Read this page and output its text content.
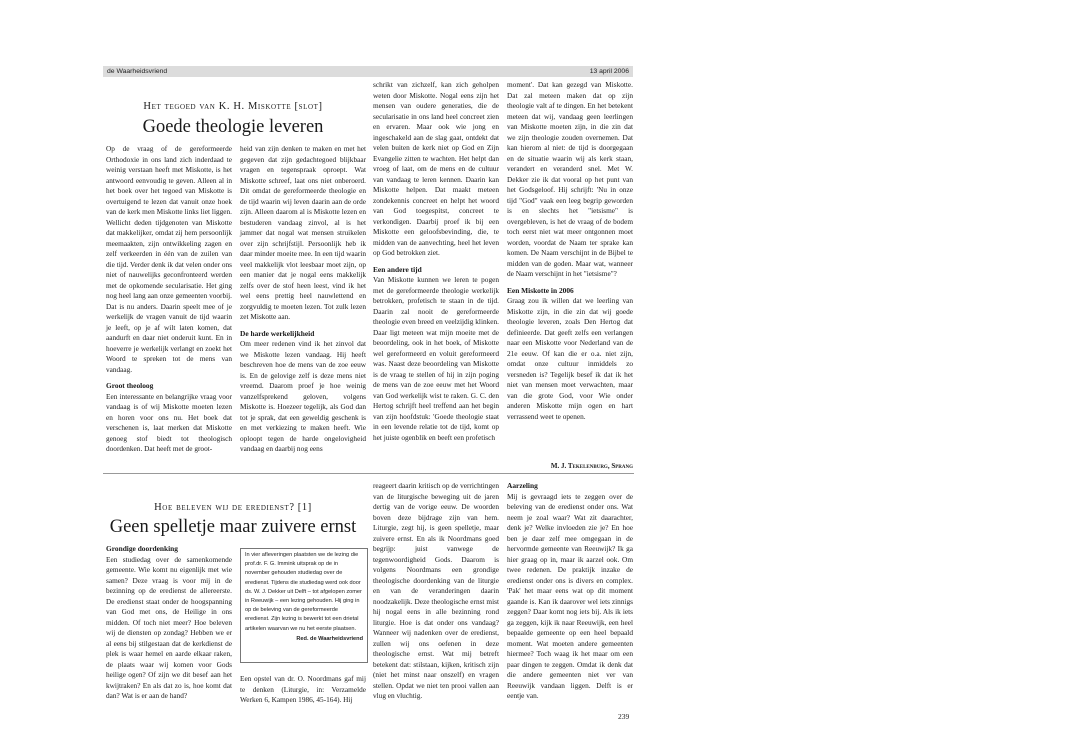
de Waarheidsvriend	13 april 2006
Het tegoed van K. H. Miskotte [slot]
Goede theologie leveren

Op de vraag of de gereformeerde Orthodoxie in ons land zich inderdaad te weinig verstaan heeft met Miskotte, is het antwoord eenvoudig te geven. Alleen al in het boek over het tegoed van Miskotte is overtuigend te lezen dat vanuit onze hoek van de kerk men Miskotte links liet liggen. Wellicht deden tijdgenoten van Miskotte dat makkelijker, omdat zij hem persoonlijk meemaakten, zijn ontwikkeling zagen en zelf verkeerden in één van de zuilen van die tijd. Verder denk ik dat velen onder ons niet of nauwelijks geconfronteerd werden met de opkomende secularisatie. Het ging nog heel lang aan onze gemeenten voorbij. Dat is nu anders. Daarin speelt mee of je werkelijk de vragen vanuit de tijd waarin je leeft, op je af wilt laten komen, dat aandurft en daar niet onderuit kunt. En in hoeverre je werkelijk verlangt en zoekt het Woord te spreken tot de mens van vandaag.

Groot theoloog

Een interessante en belangrijke vraag voor vandaag is of wij Miskotte moeten lezen en horen voor ons nu. Het boek dat verschenen is, laat merken dat Miskotte genoeg stof biedt tot theologisch doordenken. Dat heeft met de groot-

heid van zijn denken te maken en met het gegeven dat zijn gedachtegoed blijkbaar vragen en tegenspraak oproept. Wat Miskotte schreef, laat ons niet onberoerd. Dit omdat de gereformeerde theologie en de tijd waarin wij leven daarin aan de orde zijn. Alleen daarom al is Miskotte lezen en bestuderen vandaag zinvol, al is het jammer dat nogal wat mensen struikelen over zijn schrijfstijl. Persoonlijk heb ik daar minder moeite mee. In een tijd waarin veel makkelijk vlot leesbaar moet zijn, op een manier dat je nogal eens makkelijk zelfs over de stof heen leest, vind ik het wel eens prettig heel nauwlettend en zorgvuldig te moeten lezen. Tot zulk lezen zet Miskotte aan.

De harde werkelijkheid

Om meer redenen vind ik het zinvol dat we Miskotte lezen vandaag. Hij heeft beschreven hoe de mens van de zoe eeuw is. En de gelovige zelf is deze mens niet vreemd. Daarom proef je hoe weinig vanzelfsprekend geloven, volgens Miskotte is. Hoezeer tegelijk, als God dan tot je sprak, dat een geweldig geschenk is en met verkiezing te maken heeft. Wie oploopt tegen de harde ongelovigheid vandaag en daarbij nog eens

schrikt van zichzelf, kan zich geholpen weten door Miskotte. Nogal eens zijn het mensen van oudere generaties, die de secularisatie in ons land heel concreet zien en ervaren. Maar ook wie jong en ingeschakeld aan de slag gaat, ontdekt dat velen buiten de kerk niet op God en Zijn Evangelie zitten te wachten. Het helpt dan vroeg of laat, om de mens en de cultuur van vandaag te leren kennen. Daarin kan Miskotte helpen. Dat maakt meteen zondekennis concreet en helpt het woord van God toegespitst, concreet te verkondigen. Daarbij proef ik bij een Miskotte een geloofsbevinding, die, te midden van de aanvechting, heel het leven op God betrokken ziet.

Een andere tijd

Van Miskotte kunnen we leren te pogen met de gereformeerde theologie werkelijk betrokken, profetisch te staan in de tijd. Daarin zal nooit de gereformeerde theologie even breed en veelzijdig klinken. Daar ligt meteen wat mijn moeite met de beoordeling, ook in het boek, of Miskotte wel gereformeerd en voluit gereformeerd was. Naast deze beoordeling van Miskotte is de vraag te stellen of hij in zijn poging de mens van de zoe eeuw met het Woord van God werkelijk wist te raken. G. C. den Hertog schrijft heel treffend aan het begin van zijn hoofdstuk: 'Goede theologie staat in een levende relatie tot de tijd, komt op het juiste ogenblik en beeft een profetisch

moment'. Dat kan gezegd van Miskotte. Dat zal meteen maken dat op zijn theologie valt af te dingen. En het betekent meteen dat wij, vandaag geen leerlingen van Miskotte moeten zijn, in die zin dat we zijn theologie zouden overnemen. Dat kan hierom al niet: de tijd is doorgegaan en de situatie waarin wij als kerk staan, verandert en veranderd snel. Met W. Dekker zie ik dat vooral op het punt van het Godsgeloof. Hij schrijft: 'Nu in onze tijd "God" vaak een leeg begrip geworden is en slechts het "ietsisme" is overgebleven, is het de vraag of de bodem toch eerst niet wat meer ontgonnen moet worden, voordat de Naam ter sprake kan komen. De Naam verschijnt in de Bijbel te midden van de goden. Maar wat, wanneer de Naam verschijnt in het "ietsisme"?

Een Miskotte in 2006

Graag zou ik willen dat we leerling van Miskotte zijn, in die zin dat wij goede theologie leveren, zoals Den Hertog dat definieerde. Dat geeft zelfs een verlangen naar een Miskotte voor Nederland van de 21e eeuw. Of kan die er o.a. niet zijn, omdat onze cultuur inmiddels zo versneden is? Tegelijk besef ik dat ik het niet van mensen moet verwachten, maar van die grote God, voor Wie onder anderen Miskotte mijn ogen en hart verrassend weet te openen.

M. J. Tekelenburg, Sprang
Hoe beleven wij de eredienst? [1]
Geen spelletje maar zuivere ernst
Grondige doordenking

Een studiedag over de samenkomende gemeente. Wie komt nu eigenlijk met wie samen? Deze vraag is voor mij in de bezinning op de eredienst de allereerste. De eredienst staat onder de hoogspanning van God met ons, de Heilige in ons midden. Of toch niet meer? Hoe beleven wij de diensten op zondag? Hebben we er al eens bij stilgestaan dat de kerkdienst de plek is waar hemel en aarde elkaar raken, de plaats waar wij komen voor Gods heilige ogen? Of zijn we dit besef aan het kwijtraken? En als dat zo is, hoe komt dat dan? Wat is er aan de hand?

In vier afleveringen plaatsten we de lezing die prof.dr. F. G. Immink uitsprak op de in november gehouden studiedag over de eredienst. Tijdens die studiedag werd ook door ds. W. J. Dekker uit Delft – tot afgelopen zomer in Reeuwijk – een lezing gehouden. Hij ging in op de beleving van de gereformeerde eredienst. Zijn lezing is bewerkt tot een drietal artikelen waarvan we nu het eerste plaatsen.

Red. de Waarheidsvriend

Een opstel van dr. O. Noordmans gaf mij te denken (Liturgie, in: Verzamelde Werken 6, Kampen 1986, 45-164). Hij

reageert daarin kritisch op de verrichtingen van de liturgische beweging uit de jaren dertig van de vorige eeuw. De woorden boven deze bijdrage zijn van hem. Liturgie, zegt hij, is geen spelletje, maar zuivere ernst. En als ik Noordmans goed begrijp: juist vanwege de tegenwoordigheid Gods. Daarom is volgens Noordmans een grondige theologische doordenking van de liturgie en van de veranderingen daarin noodzakelijk. Deze theologische ernst mist hij nogal eens in alle bezinning rond liturgie. Hoe is dat onder ons vandaag? Wanneer wij nadenken over de eredienst, zullen wij ons oefenen in deze theologische ernst. Wat mij betreft betekent dat: stilstaan, kijken, kritisch zijn (niet het minst naar onszelf) en vragen stellen. Opdat we niet ten prooi vallen aan vlug en vluchtig.

Aarzeling

Mij is gevraagd iets te zeggen over de beleving van de eredienst onder ons. Wat neem je zoal waar? Wat zit daarachter, denk je? Welke invloeden zie je? En hoe ben je daar zelf mee omgegaan in de hervormde gemeente van Reeuwijk? Ik ga hier graag op in, maar ik aarzel ook. Om twee redenen. De praktijk inzake de eredienst onder ons is divers en complex. 'Pak' het maar eens wat op dit moment gaande is. Kan ik daarover wel iets zinnigs zeggen? Daar komt nog iets bij. Als ik iets ga zeggen, kijk ik naar Reeuwijk, een heel bepaalde gemeente op een heel bepaald moment. Wat moeten andere gemeenten hiermee? Toch waag ik het maar om een paar dingen te zeggen. Omdat ik denk dat die andere gemeenten niet ver van Reeuwijk vandaan liggen. Delft is er eentje van.

239
